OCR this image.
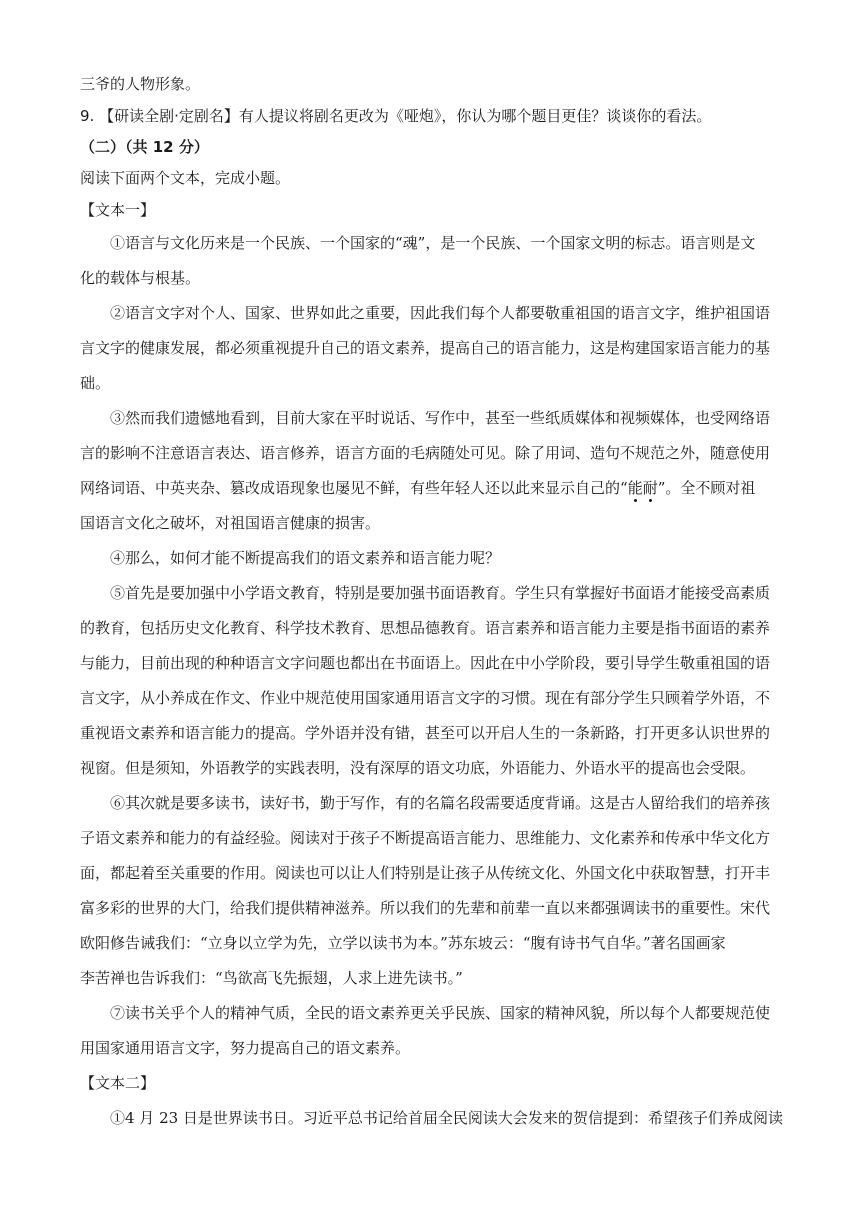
三爷的人物形象。
9. 【研读全剧·定剧名】有人提议将剧名更改为《哑炮》，你认为哪个题目更佳？谈谈你的看法。
（二）（共 12 分）
阅读下面两个文本，完成小题。
【文本一】
①语言与文化历来是一个民族、一个国家的“魂”，是一个民族、一个国家文明的标志。语言则是文
化的载体与根基。
②语言文字对个人、国家、世界如此之重要，因此我们每个人都要敬重祖国的语言文字，维护祖国语
言文字的健康发展，都必须重视提升自己的语文素养，提高自己的语言能力，这是构建国家语言能力的基
础。
③然而我们遗憾地看到，目前大家在平时说话、写作中，甚至一些纸质媒体和视频媒体，也受网络语
言的影响不注意语言表达、语言修养，语言方面的毛病随处可见。除了用词、造句不规范之外，随意使用
网络词语、中英夹杂、篡改成语现象也屡见不鲜，有些年轻人还以此来显示自己的“能耐”。全不顾对祖
国语言文化之破坏，对祖国语言健康的损害。
④那么，如何才能不断提高我们的语文素养和语言能力呢？
⑤首先是要加强中小学语文教育，特别是要加强书面语教育。学生只有掌握好书面语才能接受高素质
的教育，包括历史文化教育、科学技术教育、思想品德教育。语言素养和语言能力主要是指书面语的素养
与能力，目前出现的种种语言文字问题也都出在书面语上。因此在中小学阶段，要引导学生敬重祖国的语
言文字，从小养成在作文、作业中规范使用国家通用语言文字的习惯。现在有部分学生只顾着学外语，不
重视语文素养和语言能力的提高。学外语并没有错，甚至可以开启人生的一条新路，打开更多认识世界的
视窗。但是须知，外语教学的实践表明，没有深厚的语文功底，外语能力、外语水平的提高也会受限。
⑥其次就是要多读书，读好书，勤于写作，有的名篇名段需要适度背诵。这是古人留给我们的培养孩
子语文素养和能力的有益经验。阅读对于孩子不断提高语言能力、思维能力、文化素养和传承中华文化方
面，都起着至关重要的作用。阅读也可以让人们特别是让孩子从传统文化、外国文化中获取智慧，打开丰
富多彩的世界的大门，给我们提供精神滋养。所以我们的先辈和前辈一直以来都强调读书的重要性。宋代
欧阳修告诫我们：“立身以立学为先，立学以读书为本。”苏东坡云：“腹有诗书气自华。”著名国画家
李苦禅也告诉我们：“鸟欲高飞先振翅，人求上进先读书。”
⑦读书关乎个人的精神气质，全民的语文素养更关乎民族、国家的精神风貌，所以每个人都要规范使
用国家通用语言文字，努力提高自己的语文素养。
【文本二】
①4 月 23 日是世界读书日。习近平总书记给首届全民阅读大会发来的贺信提到：希望孩子们养成阅读
